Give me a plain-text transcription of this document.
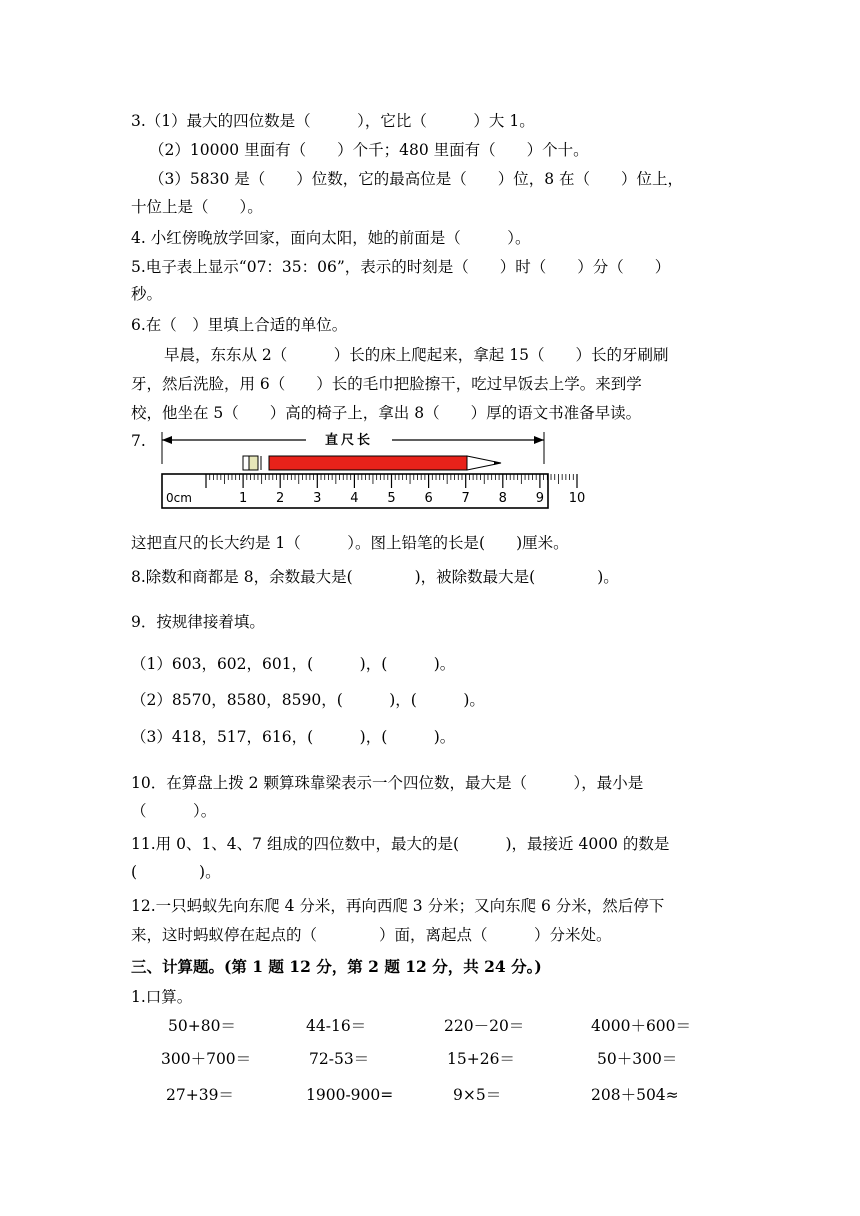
3.（1）最大的四位数是（　　　），它比（　　　）大 1。
（2）10000 里面有（　　）个千；480 里面有（　　）个十。
（3）5830 是（　　）位数，它的最高位是（　　）位，8 在（　　）位上，
十位上是（　　）。
4. 小红傍晚放学回家，面向太阳，她的前面是（　　　）。
5.电子表上显示“07：35：06”，表示的时刻是（　　）时（　　）分（　　）
秒。
6.在（　）里填上合适的单位。
早晨，东东从 2（　　　）长的床上爬起来，拿起 15（　　）长的牙刷刷
牙，然后洗脸，用 6（　　）长的毛巾把脸擦干，吃过早饭去上学。来到学
校，他坐在 5（　　）高的椅子上，拿出 8（　　）厚的语文书准备早读。
7.	直尺长
0cm	1 2 3 4 5 6 7 8 9 10
这把直尺的长大约是 1（　　　）。图上铅笔的长是(　　)厘米。
8.除数和商都是 8，余数最大是(　　　　)，被除数最大是(　　　　)。
9．按规律接着填。
（1）603，602，601，(　　　)，(　　　)。
（2）8570，8580，8590，(　　　)，(　　　)。
（3）418，517，616，(　　　)，(　　　)。
10．在算盘上拨 2 颗算珠靠梁表示一个四位数，最大是（　　　），最小是
（　　　）。
11.用 0、1、4、7 组成的四位数中，最大的是(　　　)，最接近 4000 的数是
(　　　　)。
12.一只蚂蚁先向东爬 4 分米，再向西爬 3 分米；又向东爬 6 分米，然后停下
来，这时蚂蚁停在起点的（　　　　）面，离起点（　　　）分米处。
三、计算题。(第 1 题 12 分，第 2 题 12 分，共 24 分。)
1.口算。
50+80＝	44-16＝	220－20＝	4000＋600＝
300＋700＝	72-53＝	15+26＝	50＋300＝
27+39＝	1900-900=	9×5＝	208＋504≈
